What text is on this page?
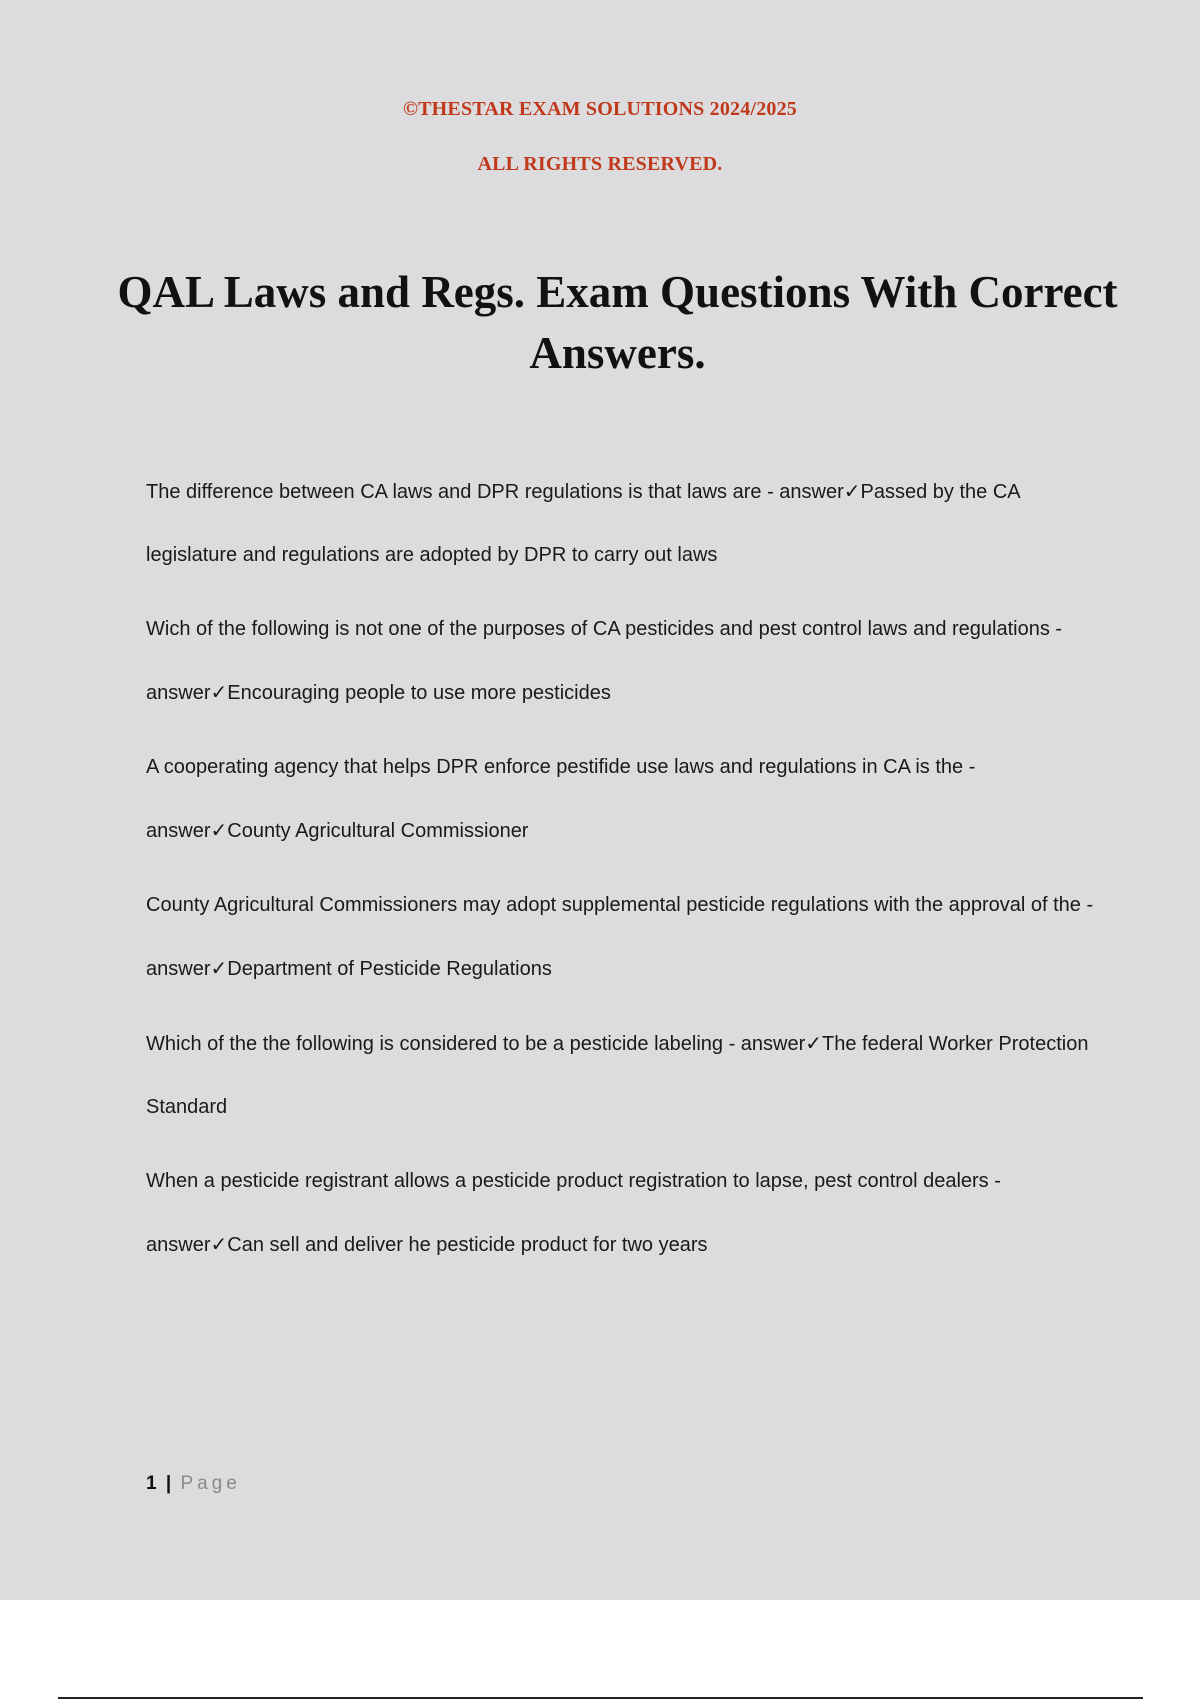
©THESTAR EXAM SOLUTIONS 2024/2025
ALL RIGHTS RESERVED.
QAL Laws and Regs. Exam Questions With Correct Answers.

The difference between CA laws and DPR regulations is that laws are - answer✓Passed by the CA legislature and regulations are adopted by DPR to carry out laws

Wich of the following is not one of the purposes of CA pesticides and pest control laws and regulations - answer✓Encouraging people to use more pesticides

A cooperating agency that helps DPR enforce pestifide use laws and regulations in CA is the - answer✓County Agricultural Commissioner

County Agricultural Commissioners may adopt supplemental pesticide regulations with the approval of the - answer✓Department of Pesticide Regulations

Which of the the following is considered to be a pesticide labeling - answer✓The federal Worker Protection Standard

When a pesticide registrant allows a pesticide product registration to lapse, pest control dealers - answer✓Can sell and deliver he pesticide product for two years

1 | Page
